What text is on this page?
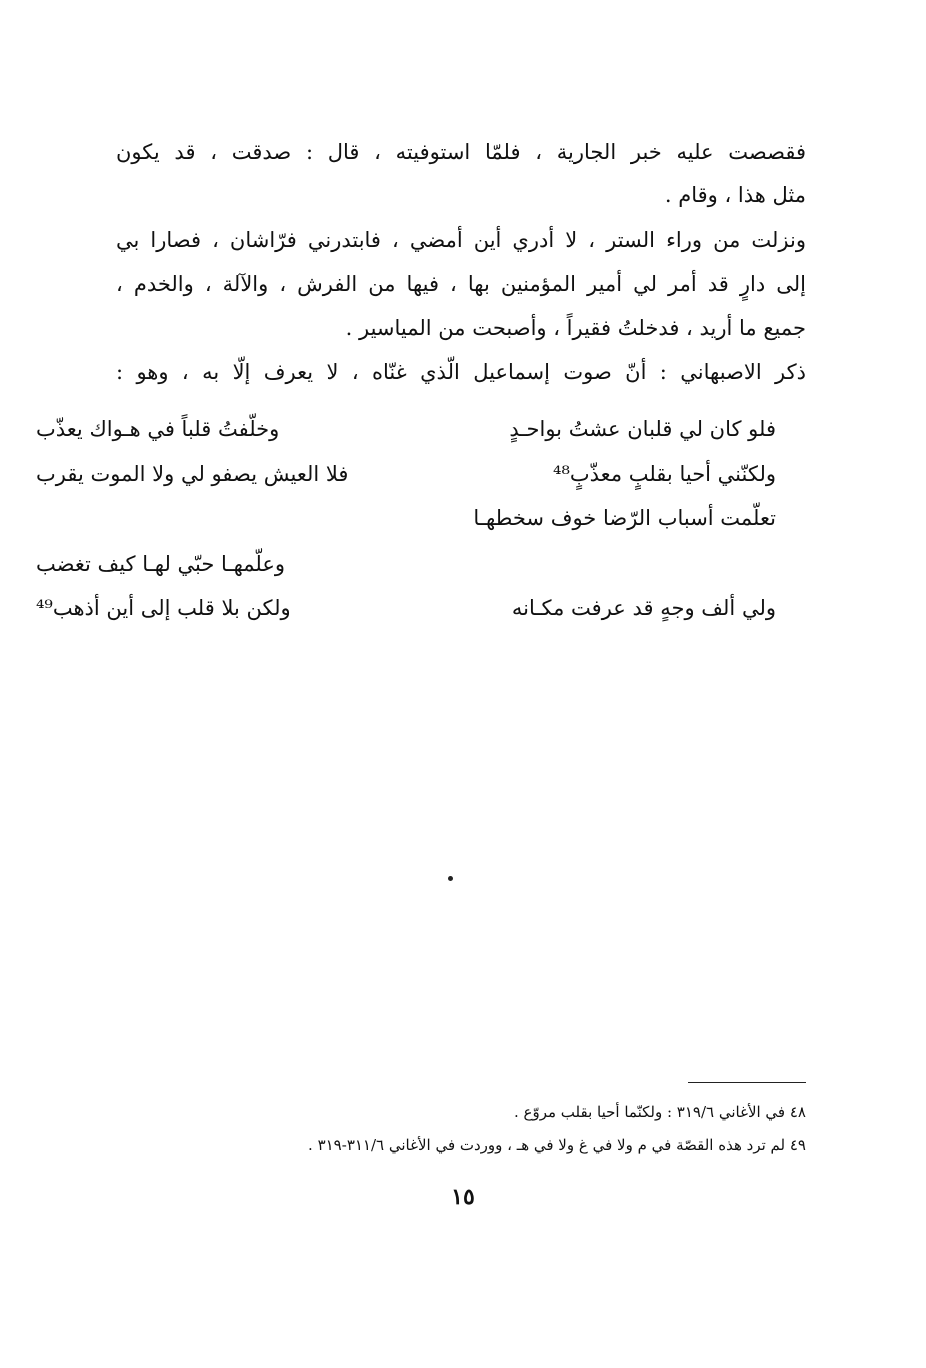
فقصصت عليه خبر الجارية ، فلمّا استوفيته ، قال : صدقت ، قد يكون
مثل هذا ، وقام .
ونزلت من وراء الستر ، لا أدري أين أمضي ، فابتدرني فرّاشان ، فصارا بي
إلى دارٍ قد أمر لي أمير المؤمنين بها ، فيها من الفرش ، والآلة ، والخدم ،
جميع ما أريد ، فدخلتُ فقيراً ، وأصبحت من المياسير .
ذكر الاصبهاني : أنّ صوت إسماعيل الّذي غنّاه ، لا يعرف إلّا به ، وهو :
فلو كان لي قلبان عشتُ بواحـدٍ
وخلّفتُ قلباً في هـواك يعذّب
ولكنّني أحيا بقلبٍ معذّبٍ⁴⁸
فلا العيش يصفو لي ولا الموت يقرب
تعلّمت أسباب الرّضا خوف سخطهـا
وعلّمهـا حبّي لهـا كيف تغضب
ولي ألف وجهٍ قد عرفت مكـانه
ولكن بلا قلب إلى أين أذهب⁴⁹
٤٨ في الأغاني ٣١٩/٦ : ولكنّما أحيا بقلب مروّع .
٤٩ لم ترد هذه القصّة في م ولا في غ ولا في هـ ، ووردت في الأغاني ٣١١/٦-٣١٩ .
١٥
